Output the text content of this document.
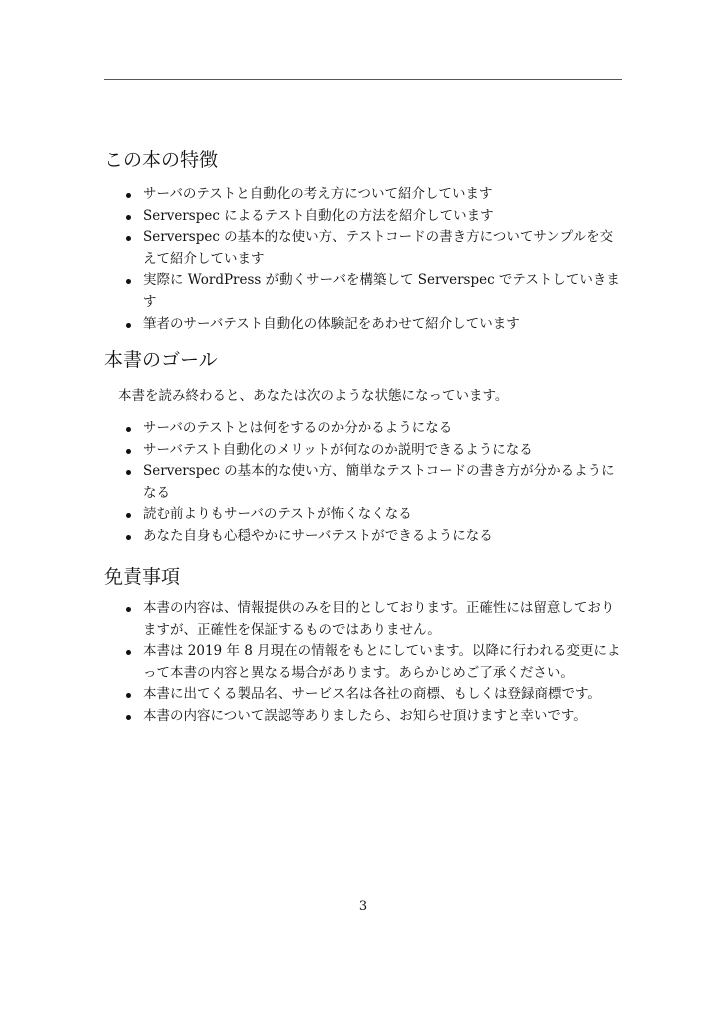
この本の特徴
サーバのテストと自動化の考え方について紹介しています
Serverspec によるテスト自動化の方法を紹介しています
Serverspec の基本的な使い方、テストコードの書き方についてサンプルを交えて紹介しています
実際に WordPress が動くサーバを構築して Serverspec でテストしていきます
筆者のサーバテスト自動化の体験記をあわせて紹介しています
本書のゴール
本書を読み終わると、あなたは次のような状態になっています。
サーバのテストとは何をするのか分かるようになる
サーバテスト自動化のメリットが何なのか説明できるようになる
Serverspec の基本的な使い方、簡単なテストコードの書き方が分かるようになる
読む前よりもサーバのテストが怖くなくなる
あなた自身も心穏やかにサーバテストができるようになる
免責事項
本書の内容は、情報提供のみを目的としております。正確性には留意しておりますが、正確性を保証するものではありません。
本書は 2019 年 8 月現在の情報をもとにしています。以降に行われる変更によって本書の内容と異なる場合があります。あらかじめご了承ください。
本書に出てくる製品名、サービス名は各社の商標、もしくは登録商標です。
本書の内容について誤認等ありましたら、お知らせ頂けますと幸いです。
3
